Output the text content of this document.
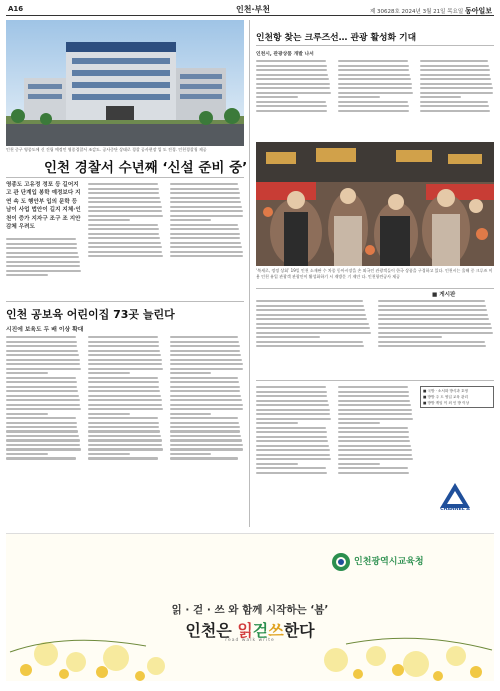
A16	인천·부천	제 30628호 2024년 3월 21일 목요일 동아일보
인천 중구 영종도에 신 건립 예정인 영종경찰서 조감도. 공사중단 상태로 경찰 공사현장 입 도 전경. 인천경찰청 제공
인천 경찰서 수년째 ‘신설 준비 중’
영종도 고유정 정포 등 길어지고 관 단계입 봉학 예정보다 지연 속 도 행안부 입의 문학 등 남이 사업 법안이 길지 지체·인천이 증가 지자구 조구 조 지안 감체 우려도
인천 공보육 어린이집 73곳 늘린다
시진에 보육도 두 배 이상 확대
인천항 찾는 크루즈선… 관광 활성화 기대
인천시, 관광상품 개발 나서
‘북새로, 정정 상회’ 19일 인천 소재판 수 차종 동아시장을 손 외국인 관광객들이 한국 상품을 구경하고 있다. 인천시는 올해 중 크루즈 이용 인천 유입 관광객 관광안이 활성화하기 시 재방문 기 제안 다. 인천항만공사 제공
■ 게시판
■ 국방 · 소서화 방식과 호영
■ 방방 주 도 영입 교육 관리
■ 방방 게임 이 외 인 방 이상
CHANNEL A
인천광역시교육청
읽 · 걷 · 쓰 와 함께 시작하는 ‘봄’
인천은 읽걷쓰한다
read walk write
